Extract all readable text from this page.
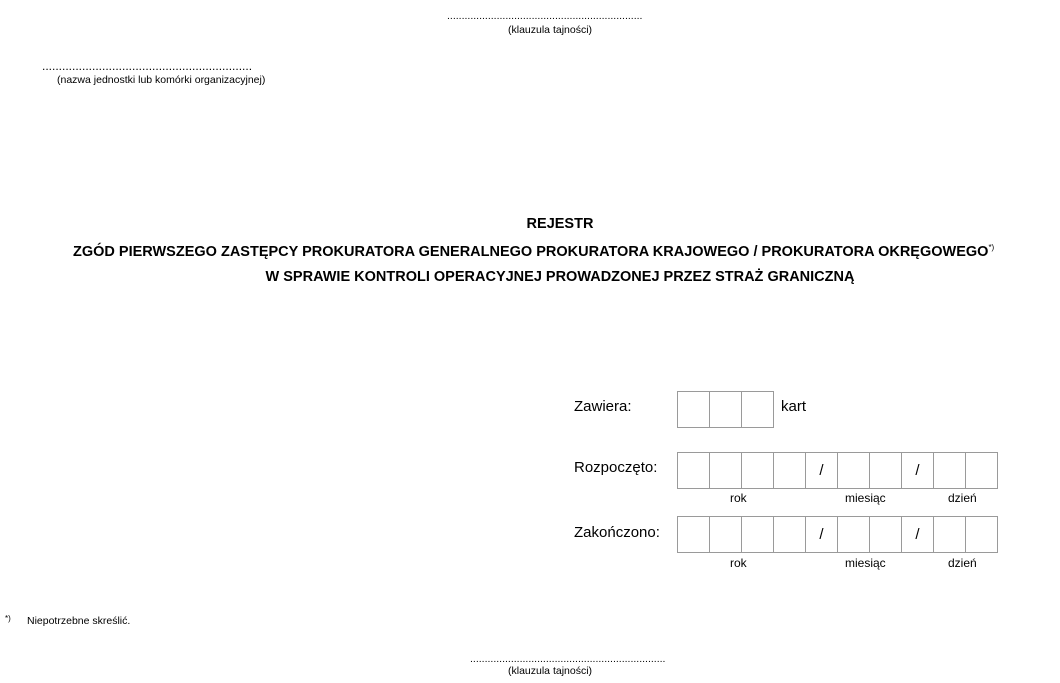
...................................................................
(klauzula tajności)
...............................................................
(nazwa jednostki lub komórki organizacyjnej)
REJESTR
ZGÓD PIERWSZEGO ZASTĘPCY PROKURATORA GENERALNEGO PROKURATORA KRAJOWEGO / PROKURATORA OKRĘGOWEGO*)
W SPRAWIE KONTROLI OPERACYJNEJ PROWADZONEJ PRZEZ STRAŻ GRANICZNĄ
Zawiera:	kart
Rozpoczęto:	/	/
rok	miesiąc	dzień
Zakończono:	/	/
rok	miesiąc	dzień
*) Niepotrzebne skreślić.
...................................................................
(klauzula tajności)
